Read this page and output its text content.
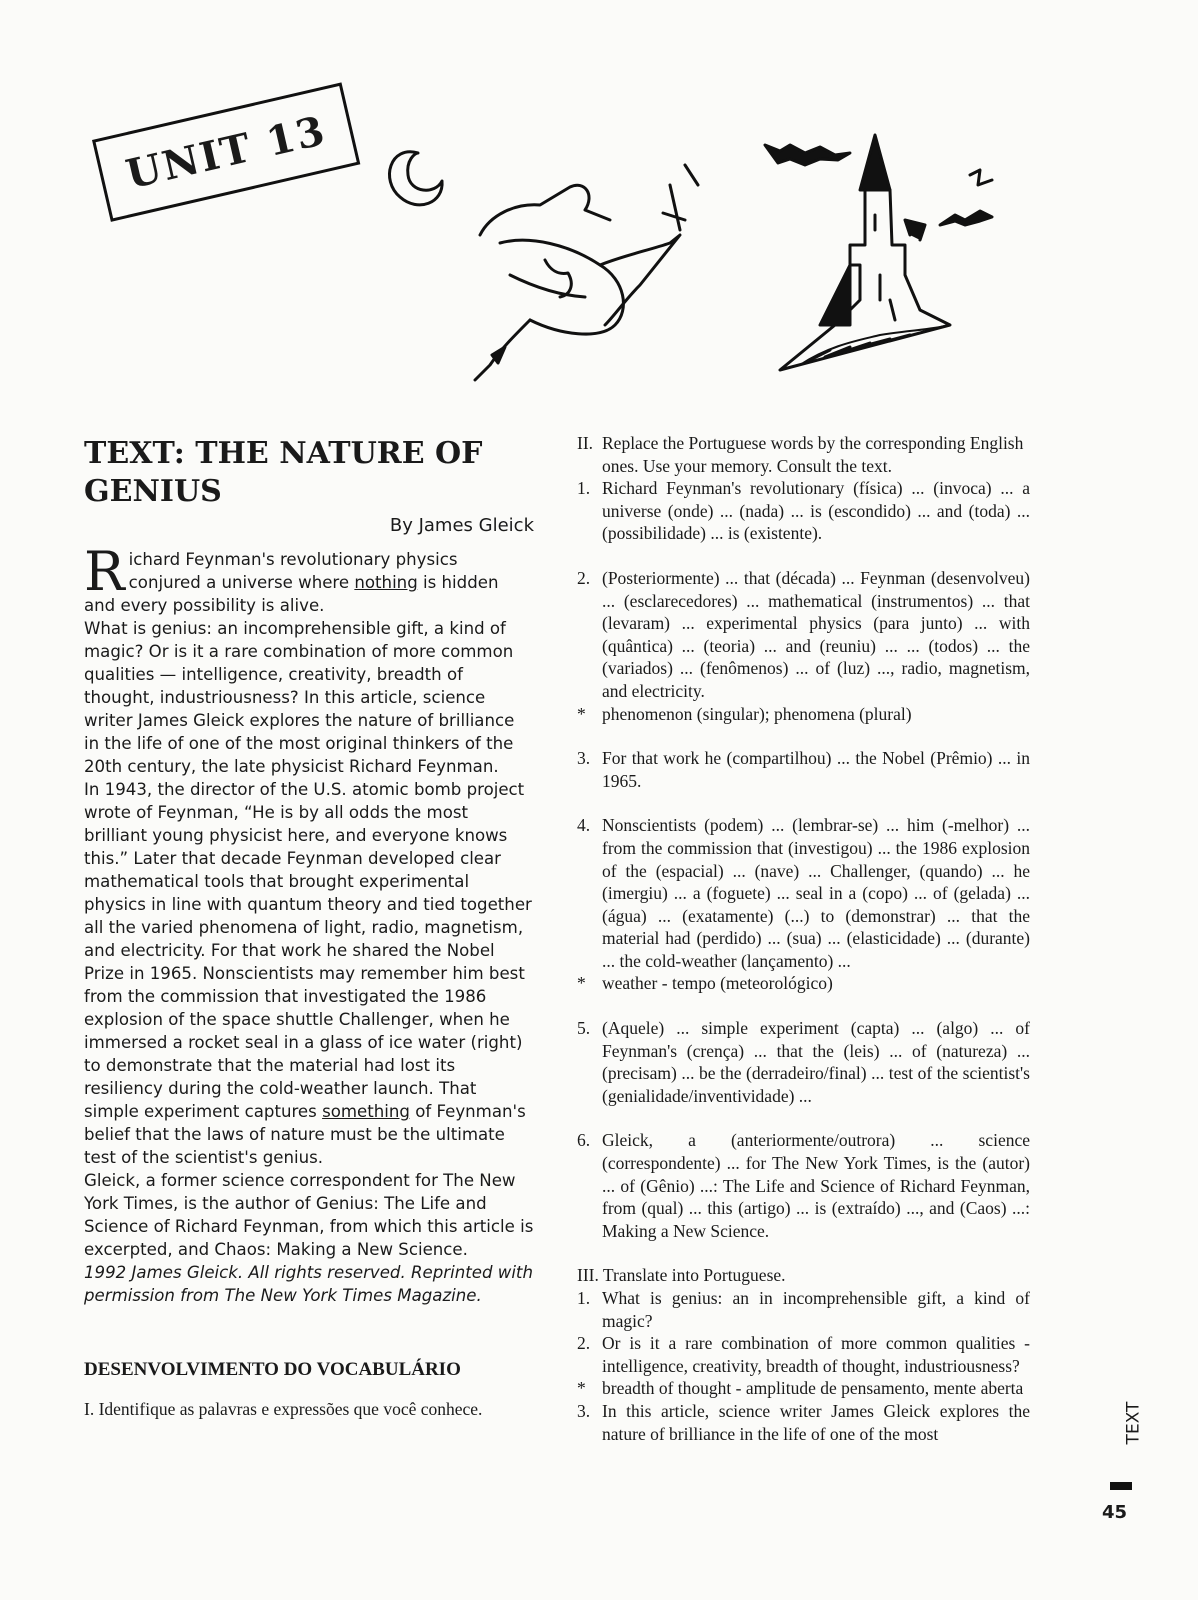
UNIT 13
TEXT: THE NATURE OF GENIUS
By James Gleick

Richard Feynman's revolutionary physics conjured a universe where nothing is hidden and every possibility is alive.

What is genius: an incomprehensible gift, a kind of magic? Or is it a rare combination of more common qualities — intelligence, creativity, breadth of thought, industriousness? In this article, science writer James Gleick explores the nature of brilliance in the life of one of the most original thinkers of the 20th century, the late physicist Richard Feynman.

In 1943, the director of the U.S. atomic bomb project wrote of Feynman, “He is by all odds the most brilliant young physicist here, and everyone knows this.” Later that decade Feynman developed clear mathematical tools that brought experimental physics in line with quantum theory and tied together all the varied phenomena of light, radio, magnetism, and electricity. For that work he shared the Nobel Prize in 1965. Nonscientists may remember him best from the commission that investigated the 1986 explosion of the space shuttle Challenger, when he immersed a rocket seal in a glass of ice water (right) to demonstrate that the material had lost its resiliency during the cold-weather launch. That simple experiment captures something of Feynman's belief that the laws of nature must be the ultimate test of the scientist's genius.

Gleick, a former science correspondent for The New York Times, is the author of Genius: The Life and Science of Richard Feynman, from which this article is excerpted, and Chaos: Making a New Science.

1992 James Gleick. All rights reserved. Reprinted with permission from The New York Times Magazine.

DESENVOLVIMENTO DO VOCABULÁRIO
I. Identifique as palavras e expressões que você conhece.
II. Replace the Portuguese words by the corresponding English ones. Use your memory. Consult the text.
1. Richard Feynman's revolutionary (física) ... (invoca) ... a universe (onde) ... (nada) ... is (escondido) ... and (toda) ... (possibilidade) ... is (existente).
2. (Posteriormente) ... that (década) ... Feynman (desenvolveu) ... (esclarecedores) ... mathematical (instrumentos) ... that (levaram) ... experimental physics (para junto) ... with (quântica) ... (teoria) ... and (reuniu) ... ... (todos) ... the (variados) ... (fenômenos) ... of (luz) ..., radio, magnetism, and electricity.
* phenomenon (singular); phenomena (plural)
3. For that work he (compartilhou) ... the Nobel (Prêmio) ... in 1965.
4. Nonscientists (podem) ... (lembrar-se) ... him (-melhor) ... from the commission that (investigou) ... the 1986 explosion of the (espacial) ... (nave) ... Challenger, (quando) ... he (imergiu) ... a (foguete) ... seal in a (copo) ... of (gelada) ... (água) ... (exatamente) (...) to (demonstrar) ... that the material had (perdido) ... (sua) ... (elasticidade) ... (durante) ... the cold-weather (lançamento) ...
* weather - tempo (meteorológico)
5. (Aquele) ... simple experiment (capta) ... (algo) ... of Feynman's (crença) ... that the (leis) ... of (natureza) ... (precisam) ... be the (derradeiro/final) ... test of the scientist's (genialidade/inventividade) ...
6. Gleick, a (anteriormente/outrora) ... science (correspondente) ... for The New York Times, is the (autor) ... of (Gênio) ...: The Life and Science of Richard Feynman, from (qual) ... this (artigo) ... is (extraído) ..., and (Caos) ...: Making a New Science.
III. Translate into Portuguese.
1. What is genius: an in incomprehensible gift, a kind of magic?
2. Or is it a rare combination of more common qualities - intelligence, creativity, breadth of thought, industriousness?
* breadth of thought - amplitude de pensamento, mente aberta
3. In this article, science writer James Gleick explores the nature of brilliance in the life of one of the most	TEXT
45
